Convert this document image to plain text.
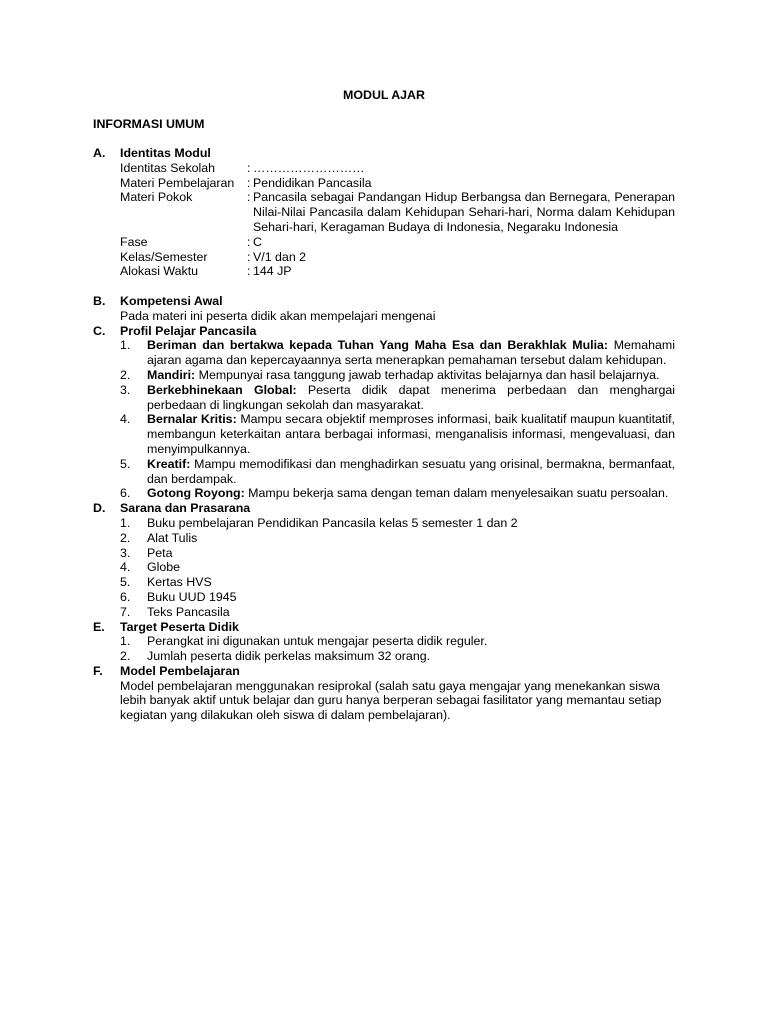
MODUL AJAR
INFORMASI UMUM
A. Identitas Modul
Identitas Sekolah	:	………………………
Materi Pembelajaran	:	Pendidikan Pancasila
Materi Pokok	:	Pancasila sebagai Pandangan Hidup Berbangsa dan Bernegara, Penerapan Nilai-Nilai Pancasila dalam Kehidupan Sehari-hari, Norma dalam Kehidupan Sehari-hari, Keragaman Budaya di Indonesia, Negaraku Indonesia
Fase	:	C
Kelas/Semester	:	V/1 dan 2
Alokasi Waktu	:	144 JP
B. Kompetensi Awal
Pada materi ini peserta didik akan mempelajari mengenai
C. Profil Pelajar Pancasila
1. Beriman dan bertakwa kepada Tuhan Yang Maha Esa dan Berakhlak Mulia: Memahami ajaran agama dan kepercayaannya serta menerapkan pemahaman tersebut dalam kehidupan.
2. Mandiri: Mempunyai rasa tanggung jawab terhadap aktivitas belajarnya dan hasil belajarnya.
3. Berkebhinekaan Global: Peserta didik dapat menerima perbedaan dan menghargai perbedaan di lingkungan sekolah dan masyarakat.
4. Bernalar Kritis: Mampu secara objektif memproses informasi, baik kualitatif maupun kuantitatif, membangun keterkaitan antara berbagai informasi, menganalisis informasi, mengevaluasi, dan menyimpulkannya.
5. Kreatif: Mampu memodifikasi dan menghadirkan sesuatu yang orisinal, bermakna, bermanfaat, dan berdampak.
6. Gotong Royong: Mampu bekerja sama dengan teman dalam menyelesaikan suatu persoalan.
D. Sarana dan Prasarana
1. Buku pembelajaran Pendidikan Pancasila kelas 5 semester 1 dan 2
2. Alat Tulis
3. Peta
4. Globe
5. Kertas HVS
6. Buku UUD 1945
7. Teks Pancasila
E. Target Peserta Didik
1. Perangkat ini digunakan untuk mengajar peserta didik reguler.
2. Jumlah peserta didik perkelas maksimum 32 orang.
F. Model Pembelajaran
Model pembelajaran menggunakan resiprokal (salah satu gaya mengajar yang menekankan siswa lebih banyak aktif untuk belajar dan guru hanya berperan sebagai fasilitator yang memantau setiap kegiatan yang dilakukan oleh siswa di dalam pembelajaran).
